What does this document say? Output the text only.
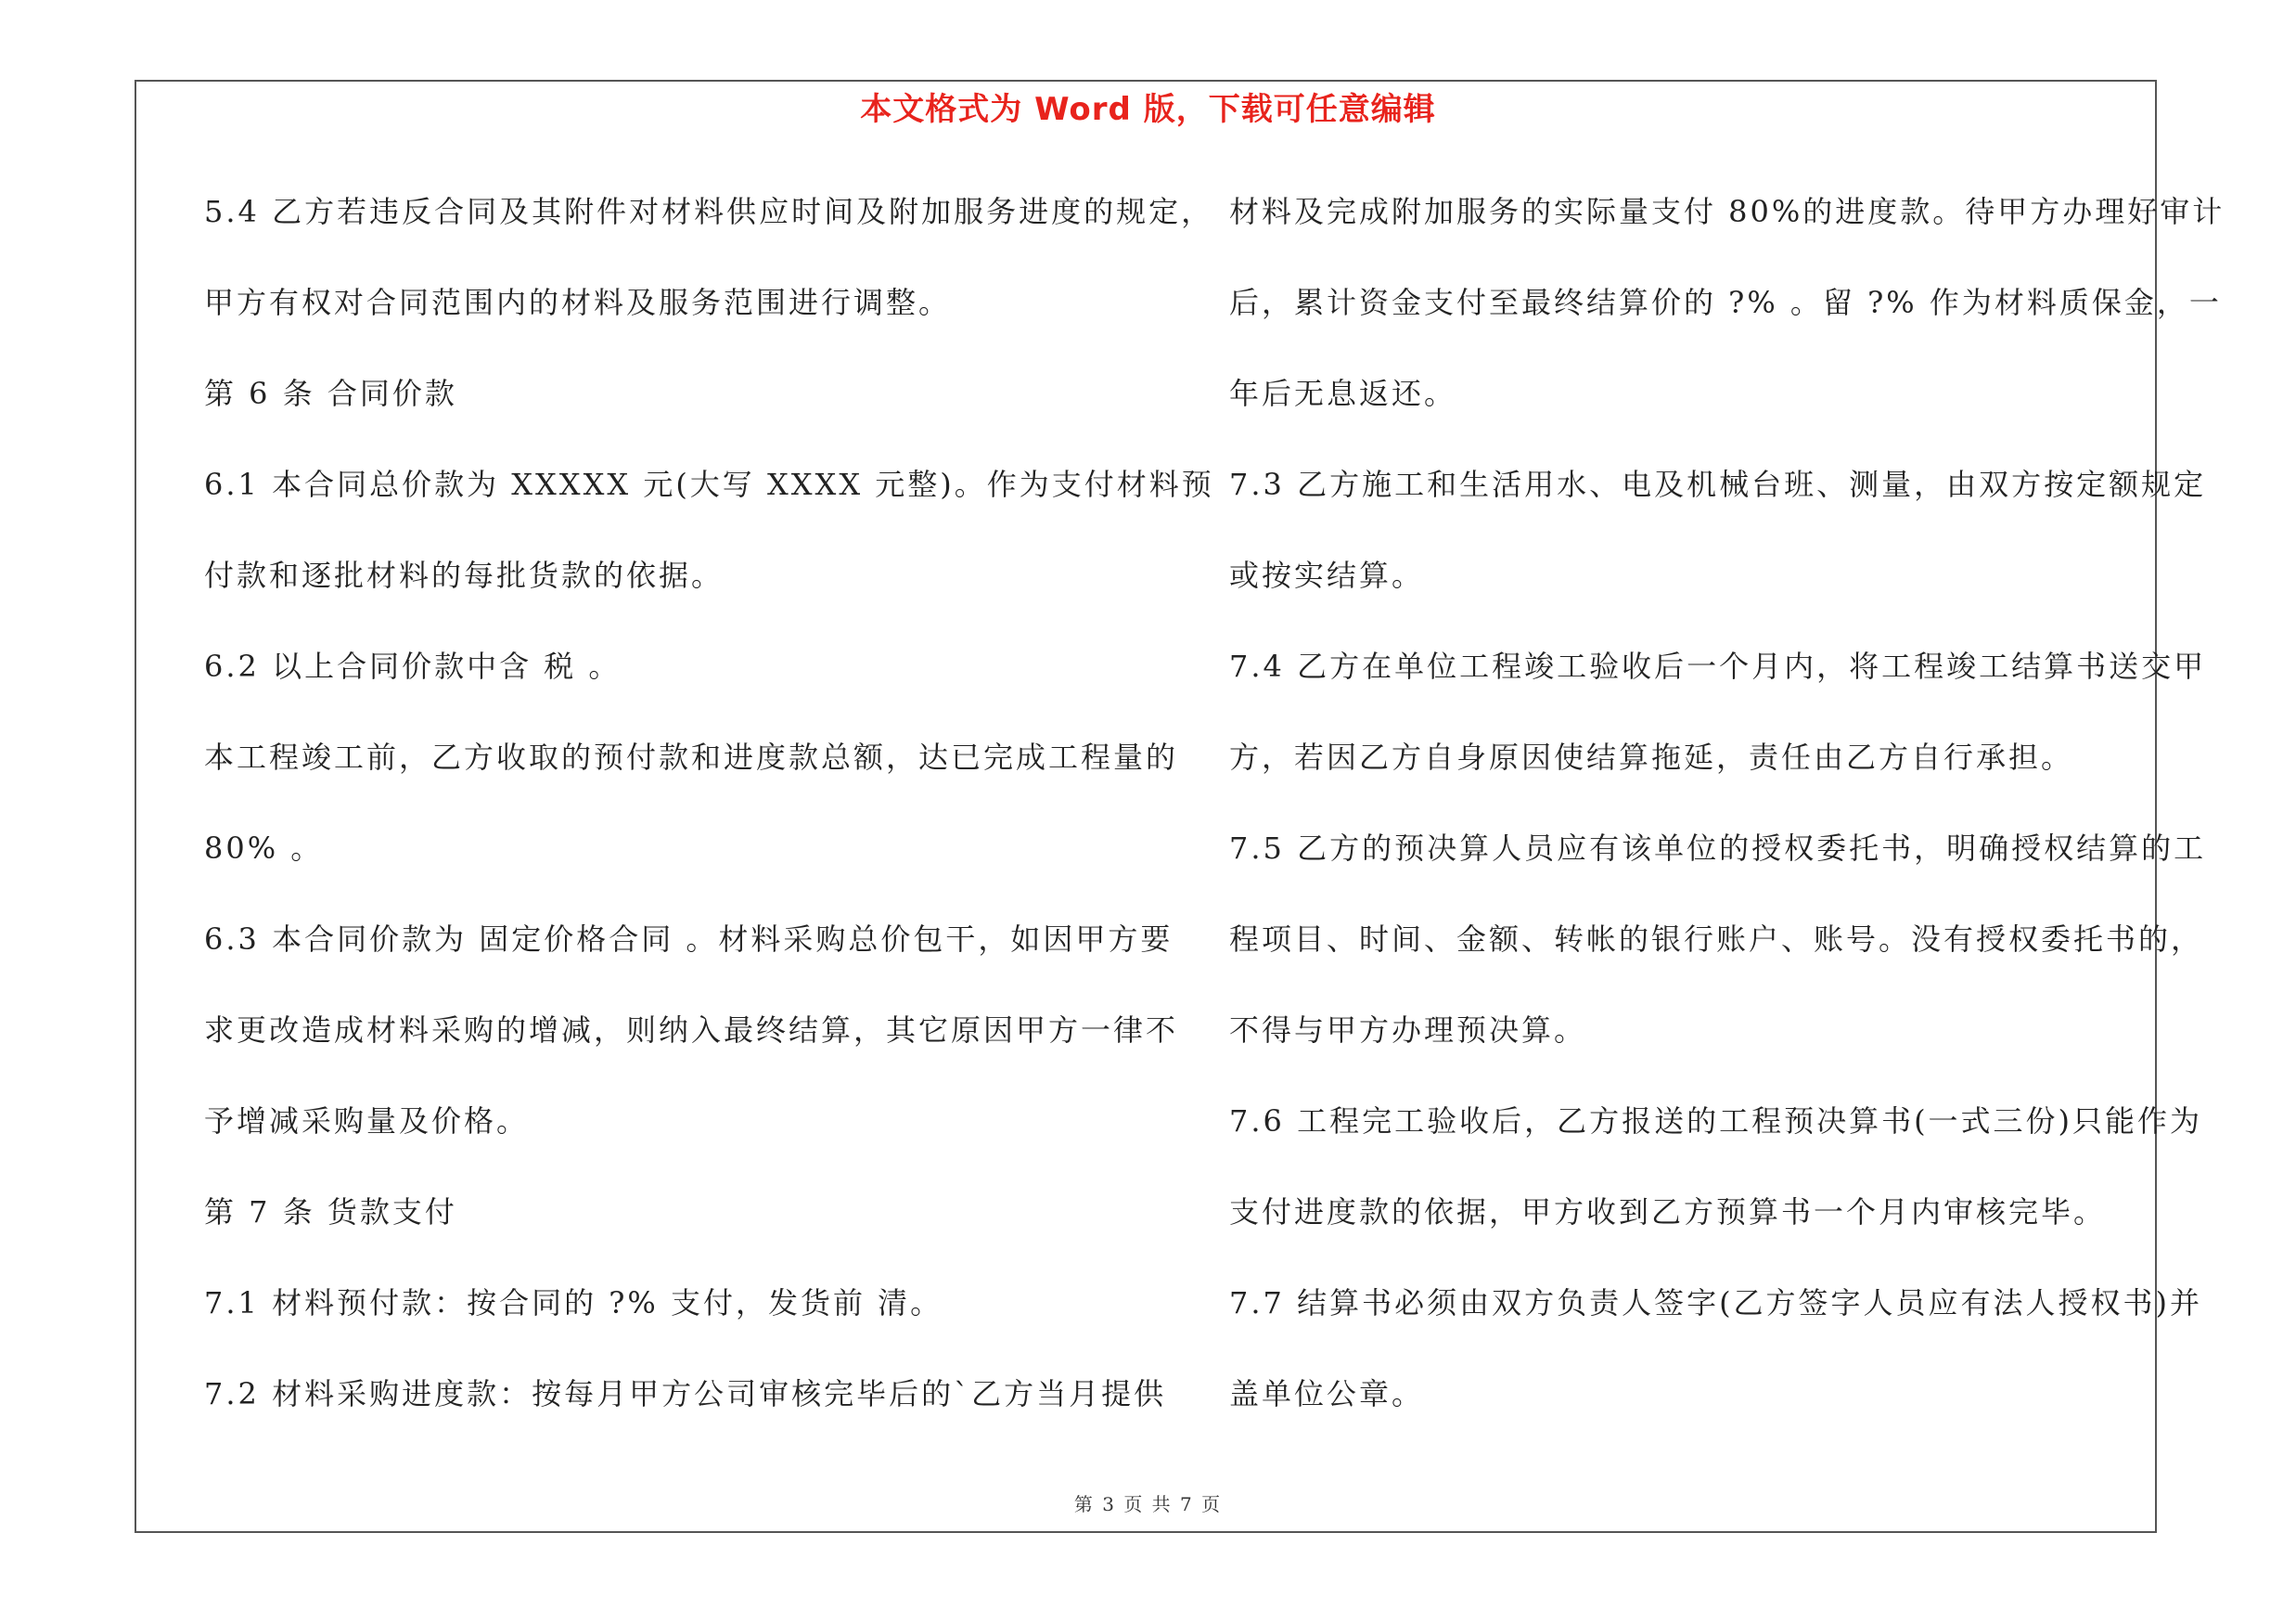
本文格式为 Word 版，下载可任意编辑
5.4 乙方若违反合同及其附件对材料供应时间及附加服务进度的规定，
甲方有权对合同范围内的材料及服务范围进行调整。
第 6 条 合同价款
6.1 本合同总价款为 XXXXX 元(大写 XXXX 元整)。作为支付材料预
付款和逐批材料的每批货款的依据。
6.2 以上合同价款中含 税 。
本工程竣工前，乙方收取的预付款和进度款总额，达已完成工程量的
80% 。
6.3 本合同价款为 固定价格合同 。材料采购总价包干，如因甲方要
求更改造成材料采购的增减，则纳入最终结算，其它原因甲方一律不
予增减采购量及价格。
第 7 条 货款支付
7.1 材料预付款：按合同的 ?% 支付，发货前 清。
7.2 材料采购进度款：按每月甲方公司审核完毕后的`乙方当月提供
材料及完成附加服务的实际量支付 80%的进度款。待甲方办理好审计
后，累计资金支付至最终结算价的 ?% 。留 ?% 作为材料质保金，一
年后无息返还。
7.3 乙方施工和生活用水、电及机械台班、测量，由双方按定额规定
或按实结算。
7.4 乙方在单位工程竣工验收后一个月内，将工程竣工结算书送交甲
方，若因乙方自身原因使结算拖延，责任由乙方自行承担。
7.5 乙方的预决算人员应有该单位的授权委托书，明确授权结算的工
程项目、时间、金额、转帐的银行账户、账号。没有授权委托书的，
不得与甲方办理预决算。
7.6 工程完工验收后，乙方报送的工程预决算书(一式三份)只能作为
支付进度款的依据，甲方收到乙方预算书一个月内审核完毕。
7.7 结算书必须由双方负责人签字(乙方签字人员应有法人授权书)并
盖单位公章。
第 3 页 共 7 页
